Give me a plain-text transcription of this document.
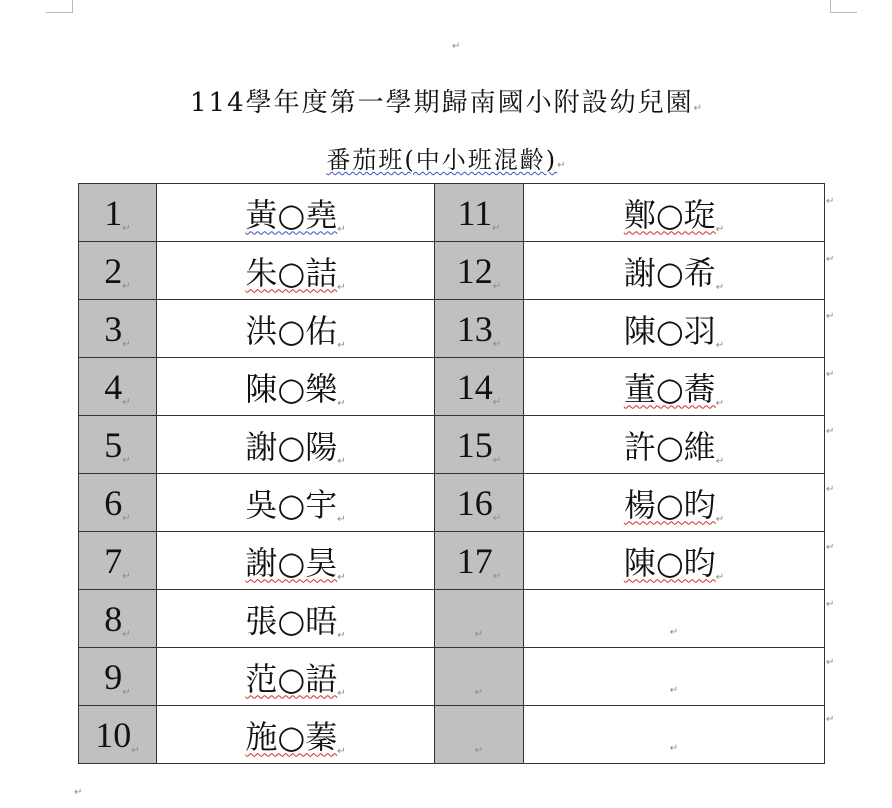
↵
114學年度第一學期歸南國小附設幼兒園↵
番茄班(中小班混齡)↵
1↵	黃○堯↵	11↵	鄭○琁↵
2↵	朱○詰↵	12↵	謝○希↵
3↵	洪○佑↵	13↵	陳○羽↵
4↵	陳○樂↵	14↵	董○蕎↵
5↵	謝○陽↵	15↵	許○維↵
6↵	吳○宇↵	16↵	楊○昀↵
7↵	謝○昊↵	17↵	陳○昀↵
8↵	張○晤↵	↵	↵
9↵	范○語↵	↵	↵
10↵	施○蓁↵	↵	↵
↵
↵
↵
↵
↵
↵
↵
↵
↵
↵
↵
